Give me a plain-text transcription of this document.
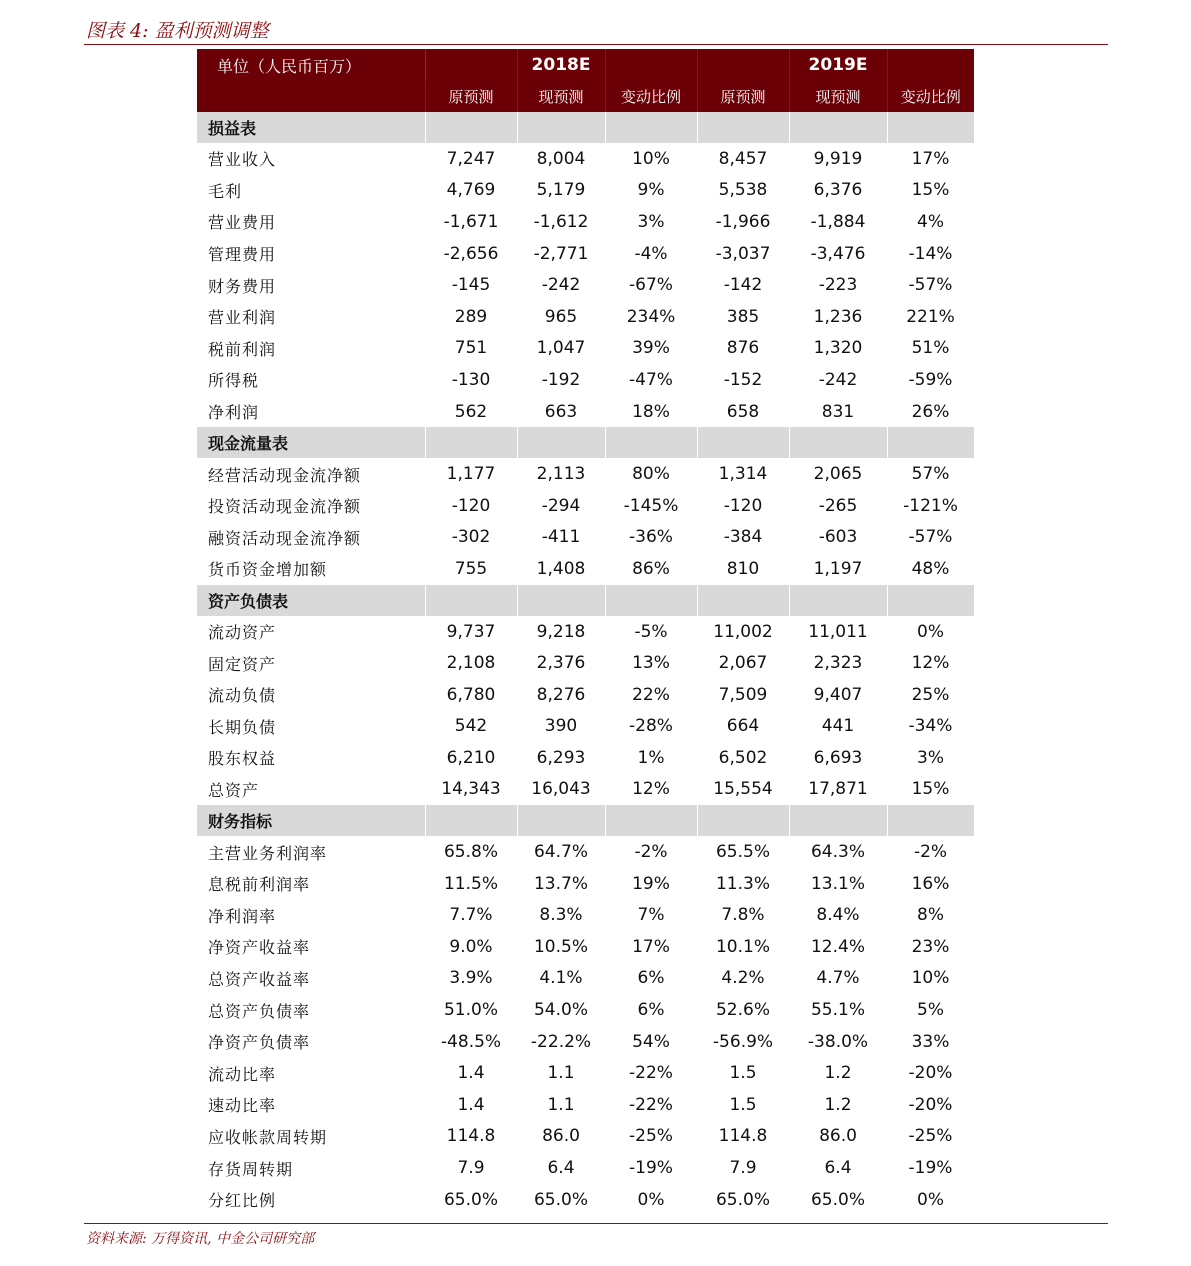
图表 4: 盈利预测调整
单位（人民币百万）		2018E			2019E	
	原预测	现预测	变动比例	原预测	现预测	变动比例
损益表						
营业收入	7,247	8,004	10%	8,457	9,919	17%
毛利	4,769	5,179	9%	5,538	6,376	15%
营业费用	-1,671	-1,612	3%	-1,966	-1,884	4%
管理费用	-2,656	-2,771	-4%	-3,037	-3,476	-14%
财务费用	-145	-242	-67%	-142	-223	-57%
营业利润	289	965	234%	385	1,236	221%
税前利润	751	1,047	39%	876	1,320	51%
所得税	-130	-192	-47%	-152	-242	-59%
净利润	562	663	18%	658	831	26%
现金流量表						
经营活动现金流净额	1,177	2,113	80%	1,314	2,065	57%
投资活动现金流净额	-120	-294	-145%	-120	-265	-121%
融资活动现金流净额	-302	-411	-36%	-384	-603	-57%
货币资金增加额	755	1,408	86%	810	1,197	48%
资产负债表						
流动资产	9,737	9,218	-5%	11,002	11,011	0%
固定资产	2,108	2,376	13%	2,067	2,323	12%
流动负债	6,780	8,276	22%	7,509	9,407	25%
长期负债	542	390	-28%	664	441	-34%
股东权益	6,210	6,293	1%	6,502	6,693	3%
总资产	14,343	16,043	12%	15,554	17,871	15%
财务指标						
主营业务利润率	65.8%	64.7%	-2%	65.5%	64.3%	-2%
息税前利润率	11.5%	13.7%	19%	11.3%	13.1%	16%
净利润率	7.7%	8.3%	7%	7.8%	8.4%	8%
净资产收益率	9.0%	10.5%	17%	10.1%	12.4%	23%
总资产收益率	3.9%	4.1%	6%	4.2%	4.7%	10%
总资产负债率	51.0%	54.0%	6%	52.6%	55.1%	5%
净资产负债率	-48.5%	-22.2%	54%	-56.9%	-38.0%	33%
流动比率	1.4	1.1	-22%	1.5	1.2	-20%
速动比率	1.4	1.1	-22%	1.5	1.2	-20%
应收帐款周转期	114.8	86.0	-25%	114.8	86.0	-25%
存货周转期	7.9	6.4	-19%	7.9	6.4	-19%
分红比例	65.0%	65.0%	0%	65.0%	65.0%	0%
资料来源: 万得资讯, 中金公司研究部
